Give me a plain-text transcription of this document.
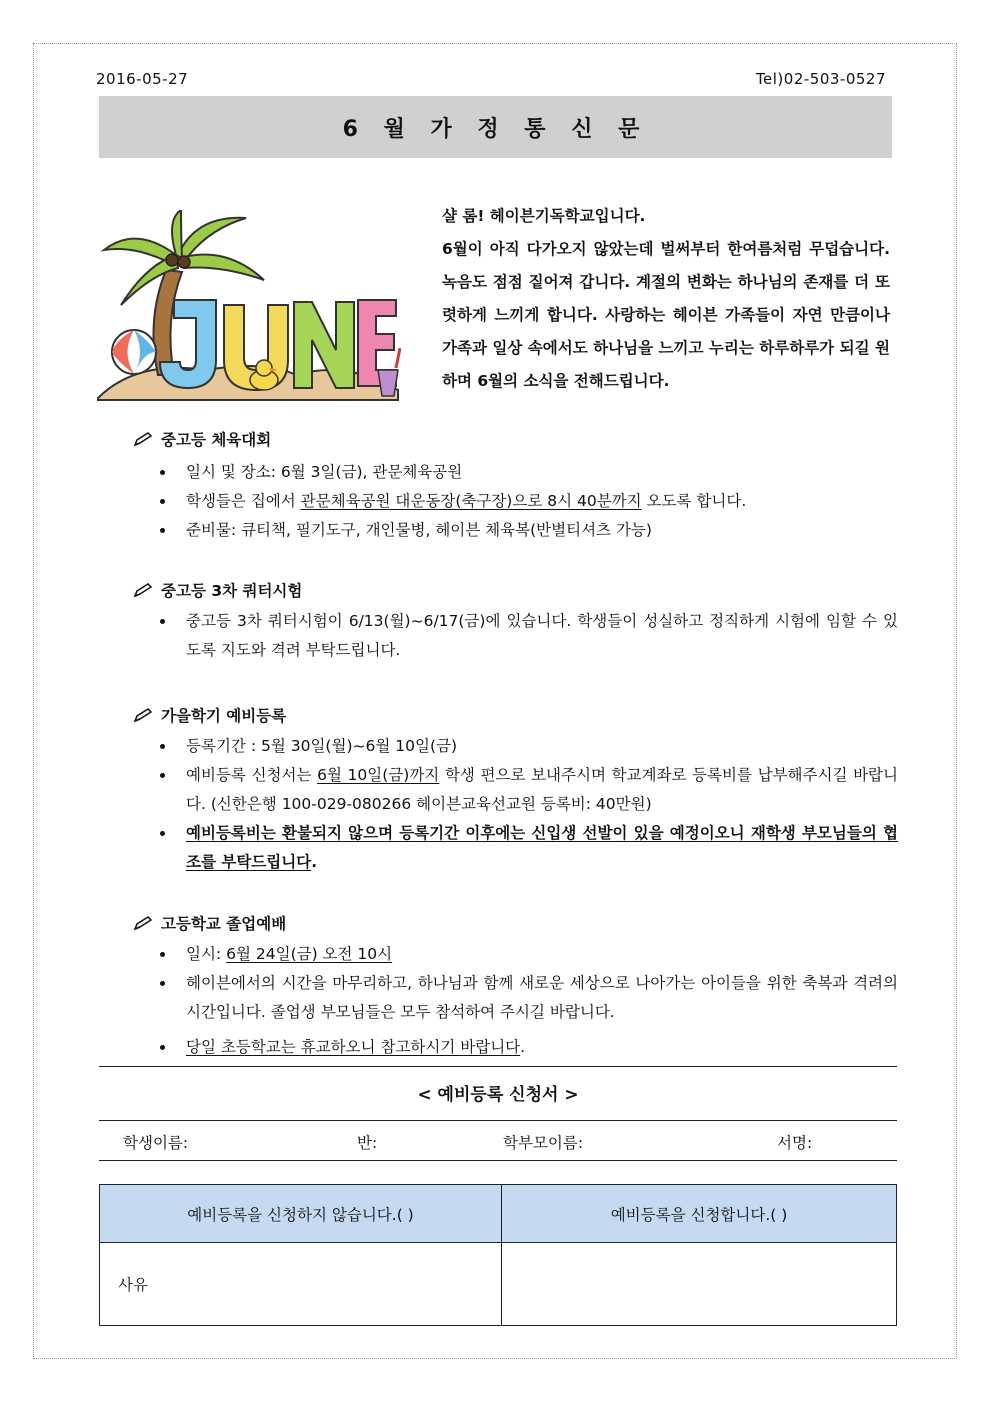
2016-05-27	Tel)02-503-0527
6 월 가 정 통 신 문

샬 롬! 헤이븐기독학교입니다.

6월이 아직 다가오지 않았는데 벌써부터 한여름처럼 무덥습니다. 녹음도 점점 짙어져 갑니다. 계절의 변화는 하나님의 존재를 더 또렷하게 느끼게 합니다. 사랑하는 헤이븐 가족들이 자연 만큼이나 가족과 일상 속에서도 하나님을 느끼고 누리는 하루하루가 되길 원하며 6월의 소식을 전해드립니다.

중고등 체육대회
일시 및 장소: 6월 3일(금), 관문체육공원
학생들은 집에서 관문체육공원 대운동장(축구장)으로 8시 40분까지 오도록 합니다.
준비물: 큐티책, 필기도구, 개인물병, 헤이븐 체육복(반별티셔츠 가능)
중고등 3차 쿼터시험
중고등 3차 쿼터시험이 6/13(월)~6/17(금)에 있습니다. 학생들이 성실하고 정직하게 시험에 임할 수 있도록 지도와 격려 부탁드립니다.
가을학기 예비등록
등록기간 : 5월 30일(월)~6월 10일(금)
예비등록 신청서는 6월 10일(금)까지 학생 편으로 보내주시며 학교계좌로 등록비를 납부해주시길 바랍니다. (신한은행 100-029-080266 헤이븐교육선교원 등록비: 40만원)
예비등록비는 환불되지 않으며 등록기간 이후에는 신입생 선발이 있을 예정이오니 재학생 부모님들의 협조를 부탁드립니다.
고등학교 졸업예배
일시: 6월 24일(금) 오전 10시
헤이븐에서의 시간을 마무리하고, 하나님과 함께 새로운 세상으로 나아가는 아이들을 위한 축복과 격려의 시간입니다. 졸업생 부모님들은 모두 참석하여 주시길 바랍니다.
당일 초등학교는 휴교하오니 참고하시기 바랍니다.
< 예비등록 신청서 >
학생이름:	반:	학부모이름:	서명:
예비등록을 신청하지 않습니다.( )	예비등록을 신청합니다.( )
사유
